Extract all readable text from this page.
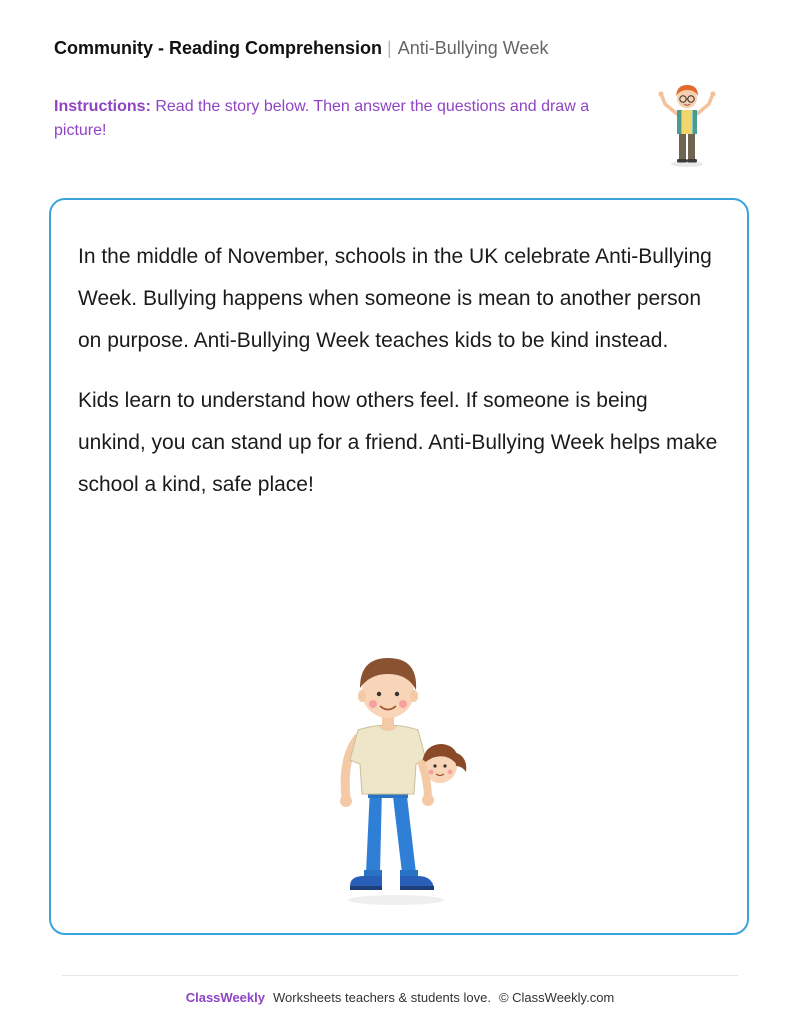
Community - Reading Comprehension | Anti-Bullying Week
Instructions: Read the story below. Then answer the questions and draw a picture!

In the middle of November, schools in the UK celebrate Anti-Bullying Week. Bullying happens when someone is mean to another person on purpose. Anti-Bullying Week teaches kids to be kind instead.

Kids learn to understand how others feel. If someone is being unkind, you can stand up for a friend. Anti-Bullying Week helps make school a kind, safe place!

ClassWeekly Worksheets teachers & students love. © ClassWeekly.com
